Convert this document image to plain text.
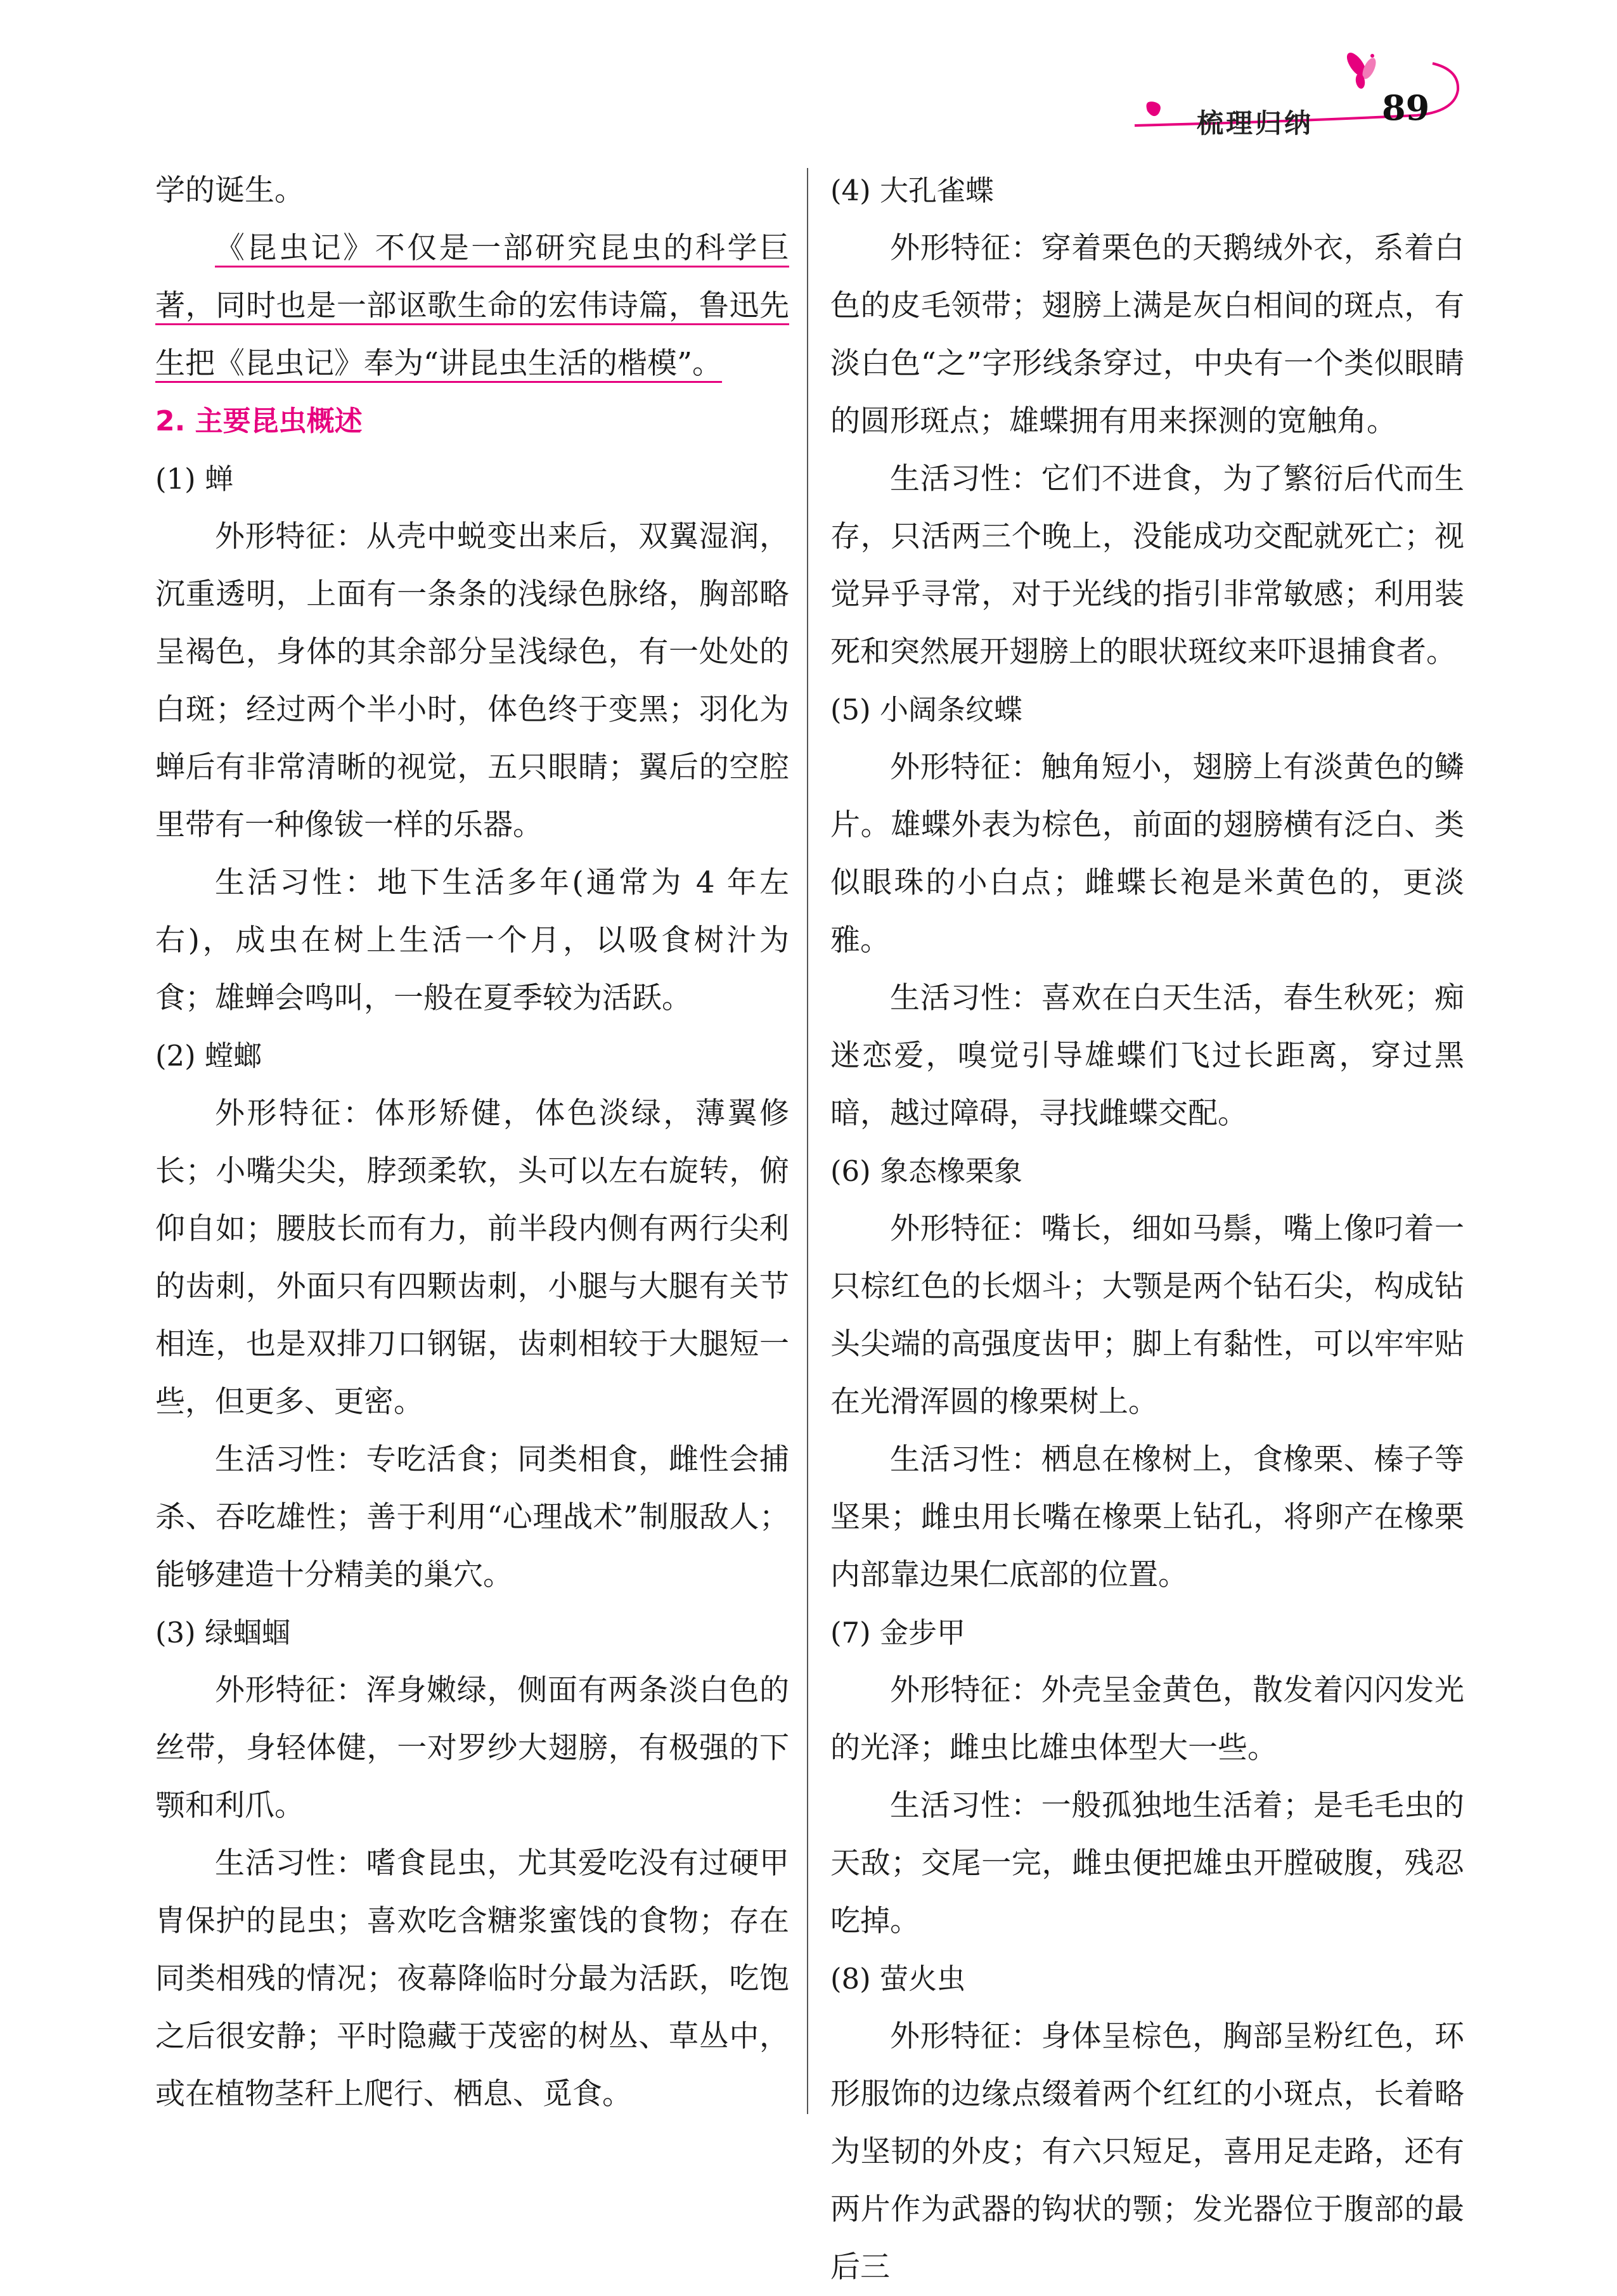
梳理归纳 89

学的诞生。

《昆虫记》不仅是一部研究昆虫的科学巨著，同时也是一部讴歌生命的宏伟诗篇，鲁迅先生把《昆虫记》奉为“讲昆虫生活的楷模”。

2. 主要昆虫概述

(1) 蝉

外形特征：从壳中蜕变出来后，双翼湿润，沉重透明，上面有一条条的浅绿色脉络，胸部略呈褐色，身体的其余部分呈浅绿色，有一处处的白斑；经过两个半小时，体色终于变黑；羽化为蝉后有非常清晰的视觉，五只眼睛；翼后的空腔里带有一种像钹一样的乐器。

生活习性：地下生活多年(通常为 4 年左右)，成虫在树上生活一个月，以吸食树汁为食；雄蝉会鸣叫，一般在夏季较为活跃。

(2) 螳螂

外形特征：体形矫健，体色淡绿，薄翼修长；小嘴尖尖，脖颈柔软，头可以左右旋转，俯仰自如；腰肢长而有力，前半段内侧有两行尖利的齿刺，外面只有四颗齿刺，小腿与大腿有关节相连，也是双排刀口钢锯，齿刺相较于大腿短一些，但更多、更密。

生活习性：专吃活食；同类相食，雌性会捕杀、吞吃雄性；善于利用“心理战术”制服敌人；能够建造十分精美的巢穴。

(3) 绿蝈蝈

外形特征：浑身嫩绿，侧面有两条淡白色的丝带，身轻体健，一对罗纱大翅膀，有极强的下颚和利爪。

生活习性：嗜食昆虫，尤其爱吃没有过硬甲胄保护的昆虫；喜欢吃含糖浆蜜饯的食物；存在同类相残的情况；夜幕降临时分最为活跃，吃饱之后很安静；平时隐藏于茂密的树丛、草丛中，或在植物茎秆上爬行、栖息、觅食。

(4) 大孔雀蝶

外形特征：穿着栗色的天鹅绒外衣，系着白色的皮毛领带；翅膀上满是灰白相间的斑点，有淡白色“之”字形线条穿过，中央有一个类似眼睛的圆形斑点；雄蝶拥有用来探测的宽触角。

生活习性：它们不进食，为了繁衍后代而生存，只活两三个晚上，没能成功交配就死亡；视觉异乎寻常，对于光线的指引非常敏感；利用装死和突然展开翅膀上的眼状斑纹来吓退捕食者。

(5) 小阔条纹蝶

外形特征：触角短小，翅膀上有淡黄色的鳞片。雄蝶外表为棕色，前面的翅膀横有泛白、类似眼珠的小白点；雌蝶长袍是米黄色的，更淡雅。

生活习性：喜欢在白天生活，春生秋死；痴迷恋爱，嗅觉引导雄蝶们飞过长距离，穿过黑暗，越过障碍，寻找雌蝶交配。

(6) 象态橡栗象

外形特征：嘴长，细如马鬃，嘴上像叼着一只棕红色的长烟斗；大颚是两个钻石尖，构成钻头尖端的高强度齿甲；脚上有黏性，可以牢牢贴在光滑浑圆的橡栗树上。

生活习性：栖息在橡树上，食橡栗、榛子等坚果；雌虫用长嘴在橡栗上钻孔，将卵产在橡栗内部靠边果仁底部的位置。

(7) 金步甲

外形特征：外壳呈金黄色，散发着闪闪发光的光泽；雌虫比雄虫体型大一些。

生活习性：一般孤独地生活着；是毛毛虫的天敌；交尾一完，雌虫便把雄虫开膛破腹，残忍吃掉。

(8) 萤火虫

外形特征：身体呈棕色，胸部呈粉红色，环形服饰的边缘点缀着两个红红的小斑点，长着略为坚韧的外皮；有六只短足，喜用足走路，还有两片作为武器的钩状的颚；发光器位于腹部的最后三
